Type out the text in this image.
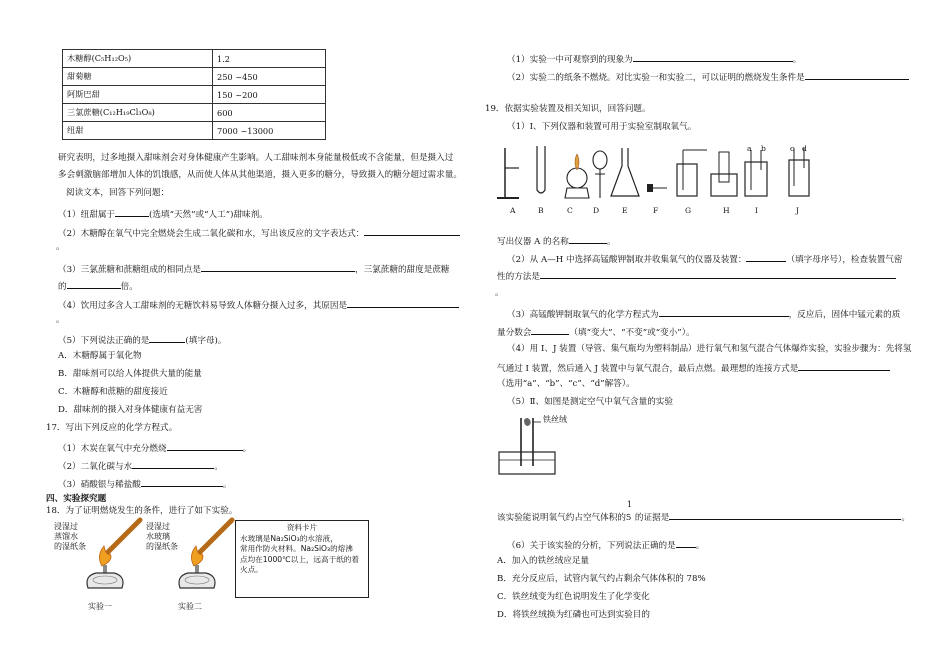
木糖醇(C₅H₁₂O₅)	1.2
甜菊糖	250 ~450
阿斯巴甜	150 ~200
三氯蔗糖(C₁₂H₁₉Cl₃O₈)	600
纽甜	7000 ~13000
研究表明，过多地摄入甜味剂会对身体健康产生影响。人工甜味剂本身能量极低或不含能量，但是摄入过
多会刺激脑部增加人体的饥饿感，从而使人体从其他渠道，摄入更多的糖分，导致摄入的糖分超过需求量。
阅读文本，回答下列问题：
（1）纽甜属于	(选填“天然”或“人工”)甜味剂。
（2）木糖醇在氧气中完全燃烧会生成二氧化碳和水，写出该反应的文字表达式：
。
（3）三氯蔗糖和蔗糖组成的相同点是	，三氯蔗糖的甜度是蔗糖
的	倍。
（4）饮用过多含人工甜味剂的无糖饮料易导致人体糖分摄入过多，其原因是
。
（5）下列说法正确的是	(填字母)。
A．木糖醇属于氧化物
B．甜味剂可以给人体提供大量的能量
C．木糖醇和蔗糖的甜度接近
D．甜味剂的摄入对身体健康有益无害
17．写出下列反应的化学方程式。
（1）木炭在氧气中充分燃烧	。
（2）二氧化碳与水	。
（3）硝酸银与稀盐酸	。
四、实验探究题
18．为了证明燃烧发生的条件，进行了如下实验。
浸湿过
蒸馏水
的湿纸条
浸湿过
水玻璃
的湿纸条
实验一	实验二
资料卡片
水玻璃是Na₂SiO₃的水溶液，
常用作防火材料。Na₂SiO₃的熔沸
点均在1000℃以上，远高于纸的着
火点。
（1）实验一中可观察到的现象为	。
（2）实验二的纸条不燃烧。对比实验一和实验二，可以证明的燃烧发生条件是
19．依据实验装置及相关知识，回答问题。
（1）Ⅰ、下列仪器和装置可用于实验室制取氧气。
A	B	C	D	E	F	G	H	I	J
a b	c d
写出仪器 A 的名称	。
（2）从 A—H 中选择高锰酸钾制取并收集氧气的仪器及装置：	（填字母序号），检查装置气密
性的方法是
。
（3）高锰酸钾制取氧气的化学方程式为	，反应后，固体中锰元素的质
量分数会	（填“变大”、“不变”或“变小”）。
（4）用 I、J 装置（导管、集气瓶均为塑料制品）进行氧气和氢气混合气体爆炸实验，实验步骤为：先将氢
气通过 I 装置，然后通入 J 装置中与氧气混合，最后点燃。最理想的连接方式是
（选用“a”、“b”、“c”、“d”解答）。
（5）Ⅱ、如图是测定空气中氧气含量的实验
铁丝绒
该实验能说明氧气约占空气体积的
1
5 的证据是	。
（6）关于该实验的分析，下列说法正确的是 。
A．加入的铁丝绒应足量
B．充分反应后，试管内氧气约占剩余气体体积的 78%
C．铁丝绒变为红色说明发生了化学变化
D．将铁丝绒换为红磷也可达到实验目的
